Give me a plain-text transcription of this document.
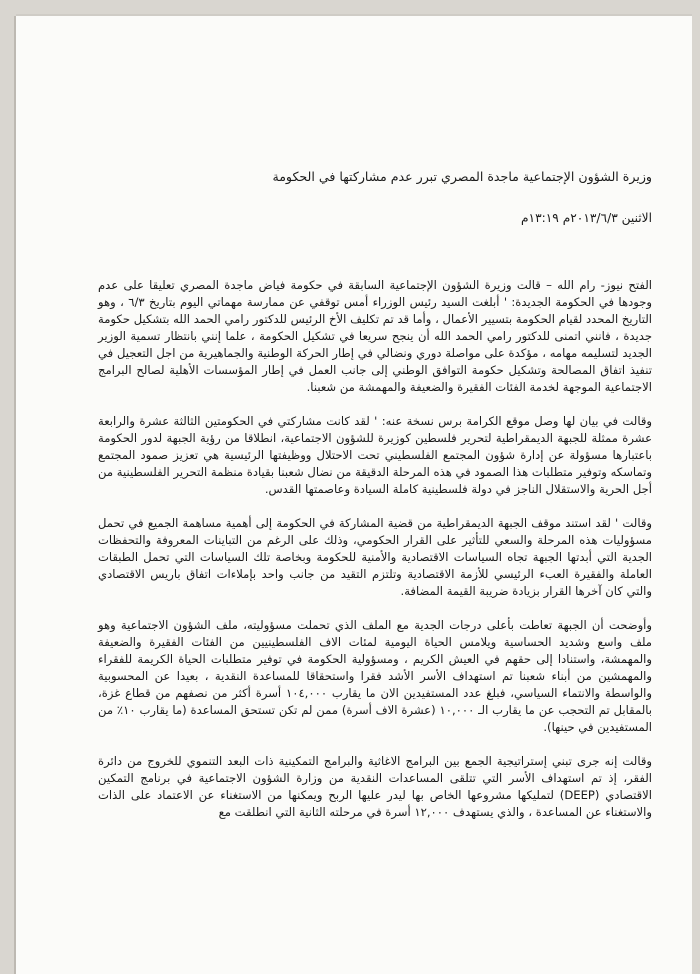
وزيرة الشؤون الإجتماعية ماجدة المصري تبرر عدم مشاركتها في الحكومة

الاثنين ٢٠١٣/٦/٣م ١٣:١٩م

الفتح نيوز- رام الله – قالت وزيرة الشؤون الإجتماعية السابقة في حكومة فياض ماجدة المصري تعليقا على عدم وجودها في الحكومة الجديدة: ' أبلغت السيد رئيس الوزراء أمس توقفي عن ممارسة مهماتي اليوم بتاريخ ٦/٣ ، وهو التاريخ المحدد لقيام الحكومة بتسيير الأعمال ، وأما قد تم تكليف الأخ الرئيس للدكتور رامي الحمد الله بتشكيل حكومة جديدة ، فانني اتمنى للدكتور رامي الحمد الله أن ينجح سريعا في تشكيل الحكومة ، علما إنني بانتظار تسمية الوزير الجديد لتسليمه مهامه ، مؤكدة على مواصلة دوري ونضالي في إطار الحركة الوطنية والجماهيرية من اجل التعجيل في تنفيذ اتفاق المصالحة وتشكيل حكومة التوافق الوطني إلى جانب العمل في إطار المؤسسات الأهلية لصالح البرامج الاجتماعية الموجهة لخدمة الفئات الفقيرة والضعيفة والمهمشة من شعبنا.

وقالت في بيان لها وصل موقع الكرامة برس نسخة عنه: ' لقد كانت مشاركتي في الحكومتين الثالثة عشرة والرابعة عشرة ممثلة للجبهة الديمقراطية لتحرير فلسطين كوزيرة للشؤون الاجتماعية، انطلاقا من رؤية الجبهة لدور الحكومة باعتبارها مسؤولة عن إدارة شؤون المجتمع الفلسطيني تحت الاحتلال ووظيفتها الرئيسية هي تعزيز صمود المجتمع وتماسكه وتوفير متطلبات هذا الصمود في هذه المرحلة الدقيقة من نضال شعبنا بقيادة منظمة التحرير الفلسطينية من أجل الحرية والاستقلال الناجز في دولة فلسطينية كاملة السيادة وعاصمتها القدس.

وقالت ' لقد استند موقف الجبهة الديمقراطية من قضية المشاركة في الحكومة إلى أهمية مساهمة الجميع في تحمل مسؤوليات هذه المرحلة والسعي للتأثير على القرار الحكومي، وذلك على الرغم من التباينات المعروفة والتحفظات الجدية التي أبدتها الجبهة تجاه السياسات الاقتصادية والأمنية للحكومة وبخاصة تلك السياسات التي تحمل الطبقات العاملة والفقيرة العبء الرئيسي للأزمة الاقتصادية وتلتزم التقيد من جانب واحد بإملاءات اتفاق باريس الاقتصادي والتي كان آخرها القرار بزيادة ضريبة القيمة المضافة.

وأوضحت أن الجبهة تعاطت بأعلى درجات الجدية مع الملف الذي تحملت مسؤوليته، ملف الشؤون الاجتماعية وهو ملف واسع وشديد الحساسية ويلامس الحياة اليومية لمئات الاف الفلسطينيين من الفئات الفقيرة والضعيفة والمهمشة، واستنادا إلى حقهم في العيش الكريم ، ومسؤولية الحكومة في توفير متطلبات الحياة الكريمة للفقراء والمهمشين من أبناء شعبنا تم استهداف الأسر الأشد فقرا واستحقاقا للمساعدة النقدية ، بعيدا عن المحسوبية والواسطة والانتماء السياسي، فبلغ عدد المستفيدين الان ما يقارب ١٠٤,٠٠٠ أسرة أكثر من نصفهم من قطاع غزة، بالمقابل تم التحجب عن ما يقارب الـ ١٠,٠٠٠ (عشرة الاف أسرة) ممن لم تكن تستحق المساعدة (ما يقارب ١٠٪ من المستفيدين في حينها).

وقالت إنه جرى تبني إستراتيجية الجمع بين البرامج الاغاثية والبرامج التمكينية ذات البعد التنموي للخروج من دائرة الفقر، إذ تم استهداف الأسر التي تتلقى المساعدات النقدية من وزارة الشؤون الاجتماعية في برنامج التمكين الاقتصادي (DEEP) لتمليكها مشروعها الخاص بها ليدر عليها الربح ويمكنها من الاستغناء عن الاعتماد على الذات والاستغناء عن المساعدة ، والذي يستهدف ١٢,٠٠٠ أسرة في مرحلته الثانية التي انطلقت مع
